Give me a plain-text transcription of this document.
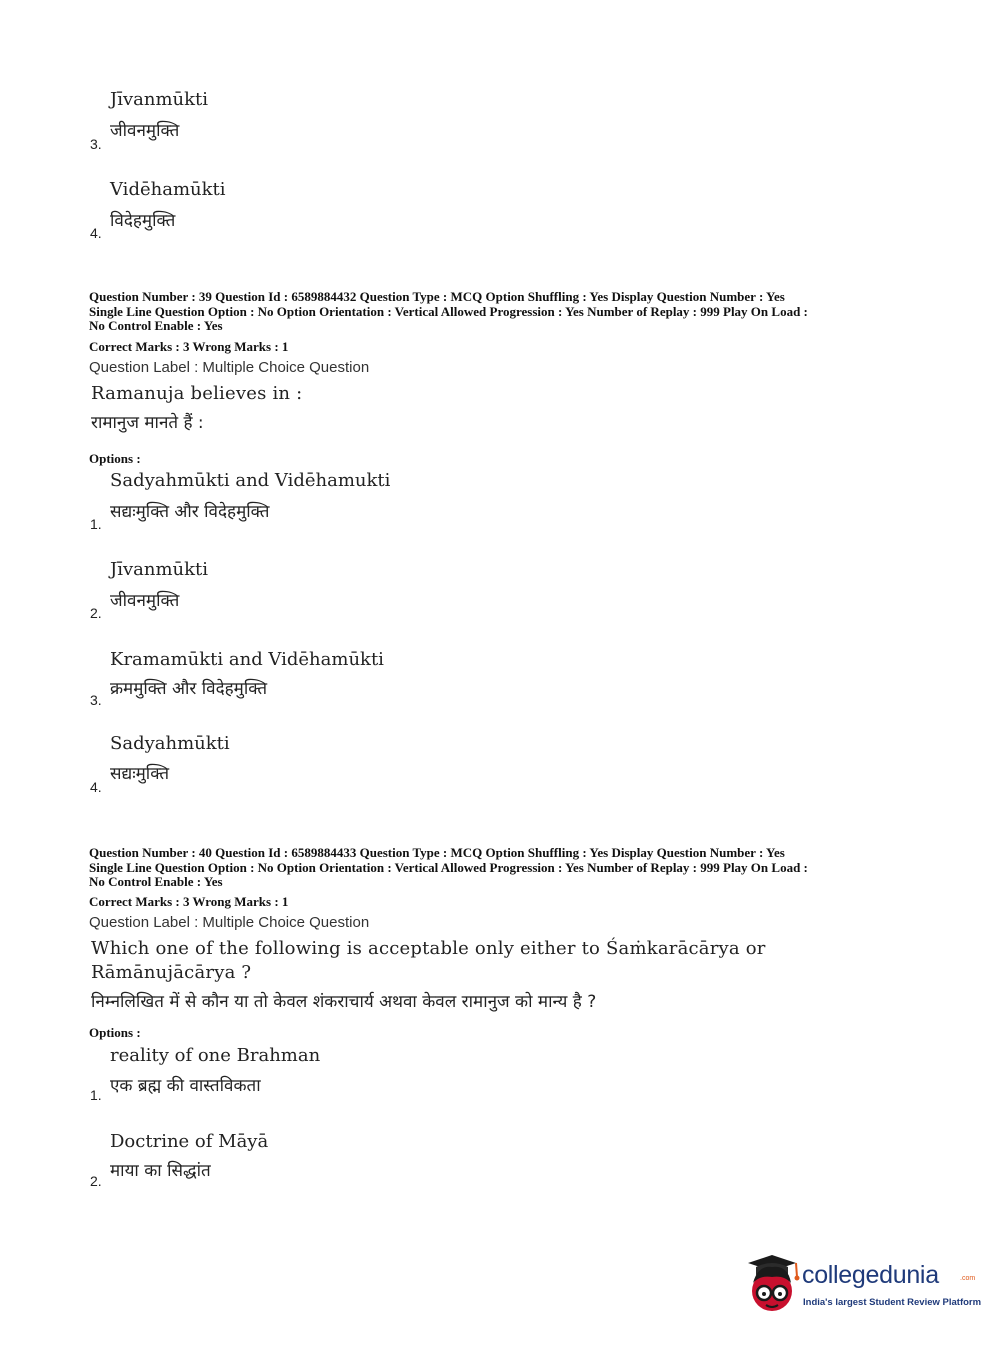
Jīvanmūkti
जीवनमुक्ति
3.
Vidēhamūkti
विदेहमुक्ति
4.
Question Number : 39 Question Id : 6589884432 Question Type : MCQ Option Shuffling : Yes Display Question Number : Yes
Single Line Question Option : No Option Orientation : Vertical Allowed Progression : Yes Number of Replay : 999 Play On Load :
No Control Enable : Yes
Correct Marks : 3 Wrong Marks : 1
Question Label : Multiple Choice Question
Ramanuja believes in :
रामानुज मानते हैं :
Options :
Sadyahmūkti and Vidēhamukti
सद्यःमुक्ति और विदेहमुक्ति
1.
Jīvanmūkti
जीवनमुक्ति
2.
Kramamūkti and Vidēhamūkti
क्रममुक्ति और विदेहमुक्ति
3.
Sadyahmūkti
सद्यःमुक्ति
4.
Question Number : 40 Question Id : 6589884433 Question Type : MCQ Option Shuffling : Yes Display Question Number : Yes
Single Line Question Option : No Option Orientation : Vertical Allowed Progression : Yes Number of Replay : 999 Play On Load :
No Control Enable : Yes
Correct Marks : 3 Wrong Marks : 1
Question Label : Multiple Choice Question
Which one of the following is acceptable only either to Śaṁkarācārya or
Rāmānujācārya ?
निम्नलिखित में से कौन या तो केवल शंकराचार्य अथवा केवल रामानुज को मान्य है ?
Options :
reality of one Brahman
एक ब्रह्म की वास्तविकता
1.
Doctrine of Māyā
माया का सिद्धांत
2.
collegedunia	.com
India's largest Student Review Platform
